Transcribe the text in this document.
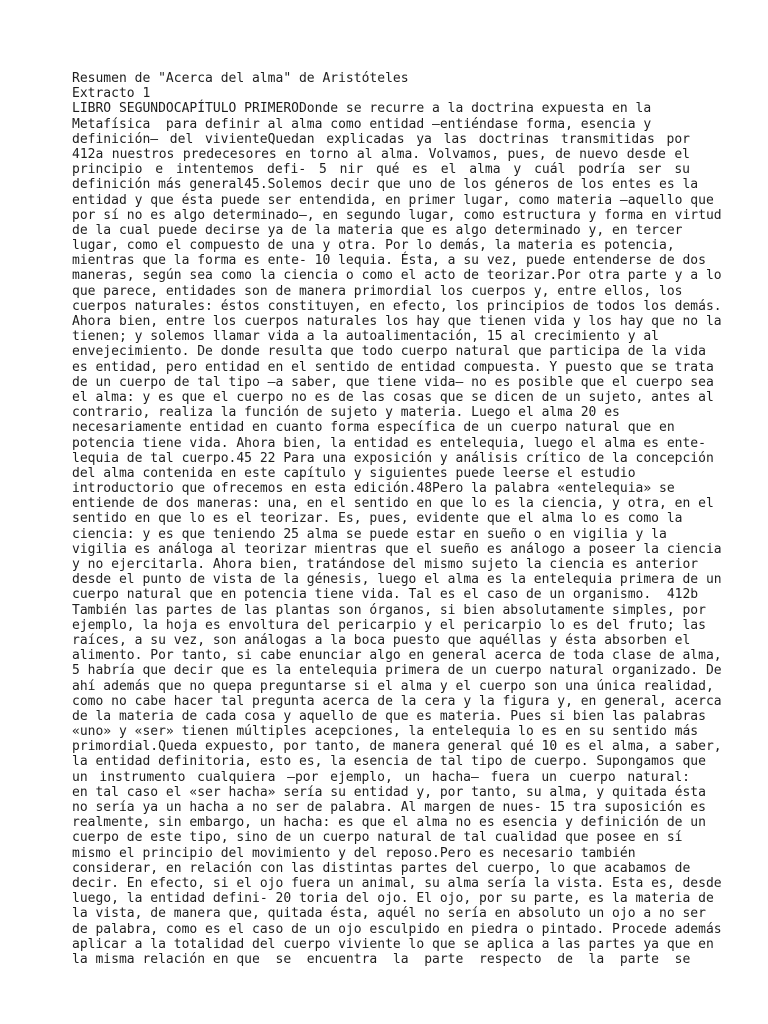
Resumen de "Acerca del alma" de Aristóteles
Extracto 1
LIBRO SEGUNDOCAPÍTULO PRIMERODonde se recurre a la doctrina expuesta en la
Metafísica  para definir al alma como entidad —entiéndase forma, esencia y
definición— del vivienteQuedan explicadas ya las doctrinas transmitidas por
412a nuestros predecesores en torno al alma. Volvamos, pues, de nuevo desde el
principio e intentemos defi- 5 nir qué es el alma y cuál podría ser su
definición más general45.Solemos decir que uno de los géneros de los entes es la
entidad y que ésta puede ser entendida, en primer lugar, como materia —aquello que
por sí no es algo determinado—, en segundo lugar, como estructura y forma en virtud
de la cual puede decirse ya de la materia que es algo determinado y, en tercer
lugar, como el compuesto de una y otra. Por lo demás, la materia es potencia,
mientras que la forma es ente- 10 lequia. Ésta, a su vez, puede entenderse de dos
maneras, según sea como la ciencia o como el acto de teorizar.Por otra parte y a lo
que parece, entidades son de manera primordial los cuerpos y, entre ellos, los
cuerpos naturales: éstos constituyen, en efecto, los principios de todos los demás.
Ahora bien, entre los cuerpos naturales los hay que tienen vida y los hay que no la
tienen; y solemos llamar vida a la autoalimentación, 15 al crecimiento y al
envejecimiento. De donde resulta que todo cuerpo natural que participa de la vida
es entidad, pero entidad en el sentido de entidad compuesta. Y puesto que se trata
de un cuerpo de tal tipo —a saber, que tiene vida— no es posible que el cuerpo sea
el alma: y es que el cuerpo no es de las cosas que se dicen de un sujeto, antes al
contrario, realiza la función de sujeto y materia. Luego el alma 20 es
necesariamente entidad en cuanto forma específica de un cuerpo natural que en
potencia tiene vida. Ahora bien, la entidad es entelequia, luego el alma es ente-
lequia de tal cuerpo.45 22 Para una exposición y análisis crítico de la concepción
del alma contenida en este capítulo y siguientes puede leerse el estudio
introductorio que ofrecemos en esta edición.48Pero la palabra «entelequia» se
entiende de dos maneras: una, en el sentido en que lo es la ciencia, y otra, en el
sentido en que lo es el teorizar. Es, pues, evidente que el alma lo es como la
ciencia: y es que teniendo 25 alma se puede estar en sueño o en vigilia y la
vigilia es análoga al teorizar mientras que el sueño es análogo a poseer la ciencia
y no ejercitarla. Ahora bien, tratándose del mismo sujeto la ciencia es anterior
desde el punto de vista de la génesis, luego el alma es la entelequia primera de un
cuerpo natural que en potencia tiene vida. Tal es el caso de un organismo.  412b
También las partes de las plantas son órganos, si bien absolutamente simples, por
ejemplo, la hoja es envoltura del pericarpio y el pericarpio lo es del fruto; las
raíces, a su vez, son análogas a la boca puesto que aquéllas y ésta absorben el
alimento. Por tanto, si cabe enunciar algo en general acerca de toda clase de alma,
5 habría que decir que es la entelequia primera de un cuerpo natural organizado. De
ahí además que no quepa preguntarse si el alma y el cuerpo son una única realidad,
como no cabe hacer tal pregunta acerca de la cera y la figura y, en general, acerca
de la materia de cada cosa y aquello de que es materia. Pues si bien las palabras
«uno» y «ser» tienen múltiples acepciones, la entelequia lo es en su sentido más
primordial.Queda expuesto, por tanto, de manera general qué 10 es el alma, a saber,
la entidad definitoria, esto es, la esencia de tal tipo de cuerpo. Supongamos que
un instrumento cualquiera —por ejemplo, un hacha— fuera un cuerpo natural:
en tal caso el «ser hacha» sería su entidad y, por tanto, su alma, y quitada ésta
no sería ya un hacha a no ser de palabra. Al margen de nues- 15 tra suposición es
realmente, sin embargo, un hacha: es que el alma no es esencia y definición de un
cuerpo de este tipo, sino de un cuerpo natural de tal cualidad que posee en sí
mismo el principio del movimiento y del reposo.Pero es necesario también
considerar, en relación con las distintas partes del cuerpo, lo que acabamos de
decir. En efecto, si el ojo fuera un animal, su alma sería la vista. Esta es, desde
luego, la entidad defini- 20 toria del ojo. El ojo, por su parte, es la materia de
la vista, de manera que, quitada ésta, aquél no sería en absoluto un ojo a no ser
de palabra, como es el caso de un ojo esculpido en piedra o pintado. Procede además
aplicar a la totalidad del cuerpo viviente lo que se aplica a las partes ya que en
la misma relación en que  se  encuentra  la  parte  respecto  de  la  parte  se
